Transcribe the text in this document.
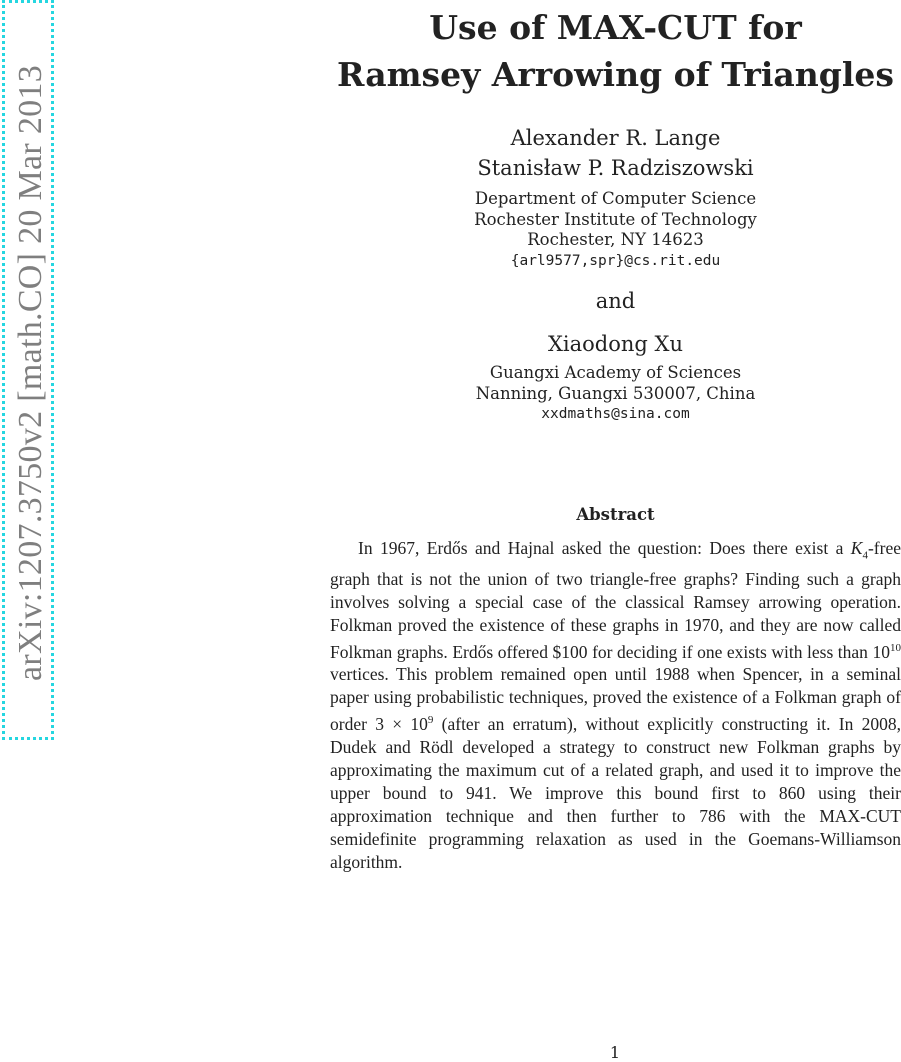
arXiv:1207.3750v2 [math.CO] 20 Mar 2013
Use of MAX-CUT for
Ramsey Arrowing of Triangles
Alexander R. Lange
Stanisław P. Radziszowski
Department of Computer Science
Rochester Institute of Technology
Rochester, NY 14623
{arl9577,spr}@cs.rit.edu
and
Xiaodong Xu
Guangxi Academy of Sciences
Nanning, Guangxi 530007, China
xxdmaths@sina.com
Abstract

In 1967, Erdős and Hajnal asked the question: Does there exist a $K_4$-free graph that is not the union of two triangle-free graphs? Finding such a graph involves solving a special case of the classical Ramsey arrowing operation. Folkman proved the existence of these graphs in 1970, and they are now called Folkman graphs. Erdős offered $100 for deciding if one exists with less than $10^{10}$ vertices. This problem remained open until 1988 when Spencer, in a seminal paper using probabilistic techniques, proved the existence of a Folkman graph of order $3 \times 10^9$ (after an erratum), without explicitly constructing it. In 2008, Dudek and Rödl developed a strategy to construct new Folkman graphs by approximating the maximum cut of a related graph, and used it to improve the upper bound to 941. We improve this bound first to 860 using their approximation technique and then further to 786 with the MAX-CUT semidefinite programming relaxation as used in the Goemans-Williamson algorithm.

1
